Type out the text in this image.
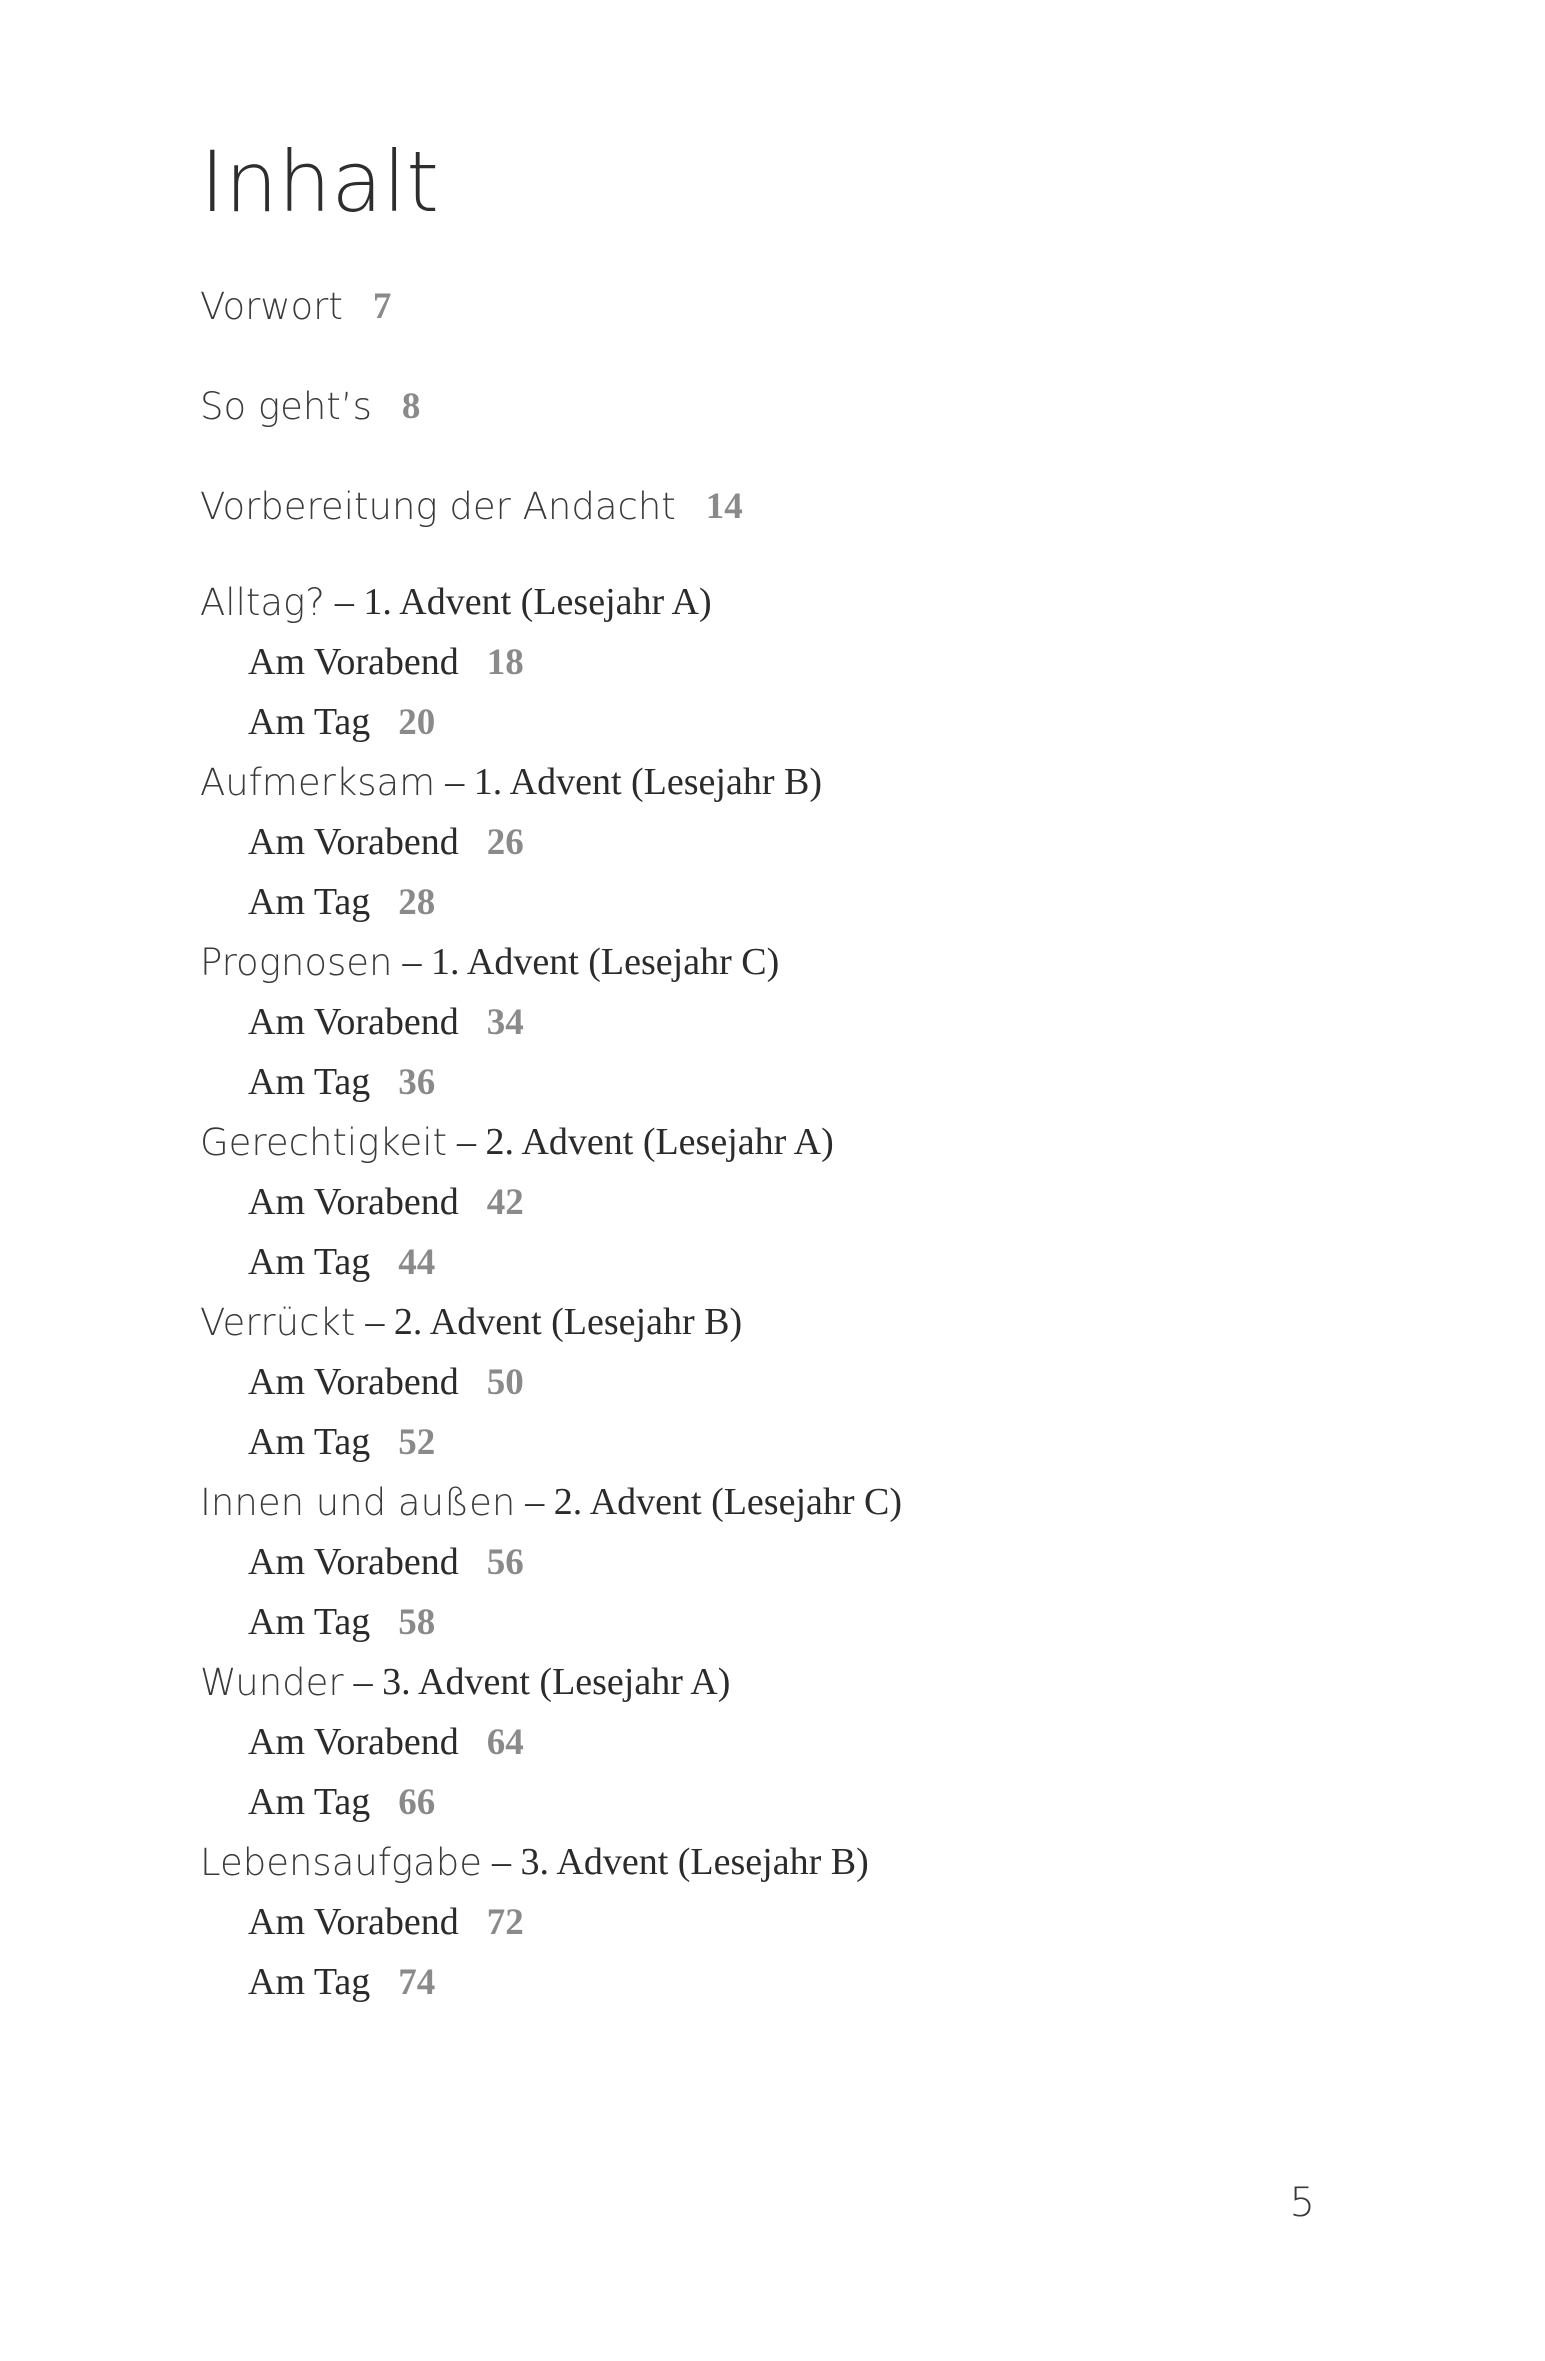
Inhalt
Vorwort 7
So geht’s 8
Vorbereitung der Andacht 14
Alltag? – 1. Advent (Lesejahr A)
Am Vorabend 18
Am Tag 20
Aufmerksam – 1. Advent (Lesejahr B)
Am Vorabend 26
Am Tag 28
Prognosen – 1. Advent (Lesejahr C)
Am Vorabend 34
Am Tag 36
Gerechtigkeit – 2. Advent (Lesejahr A)
Am Vorabend 42
Am Tag 44
Verrückt – 2. Advent (Lesejahr B)
Am Vorabend 50
Am Tag 52
Innen und außen – 2. Advent (Lesejahr C)
Am Vorabend 56
Am Tag 58
Wunder – 3. Advent (Lesejahr A)
Am Vorabend 64
Am Tag 66
Lebensaufgabe – 3. Advent (Lesejahr B)
Am Vorabend 72
Am Tag 74
5
